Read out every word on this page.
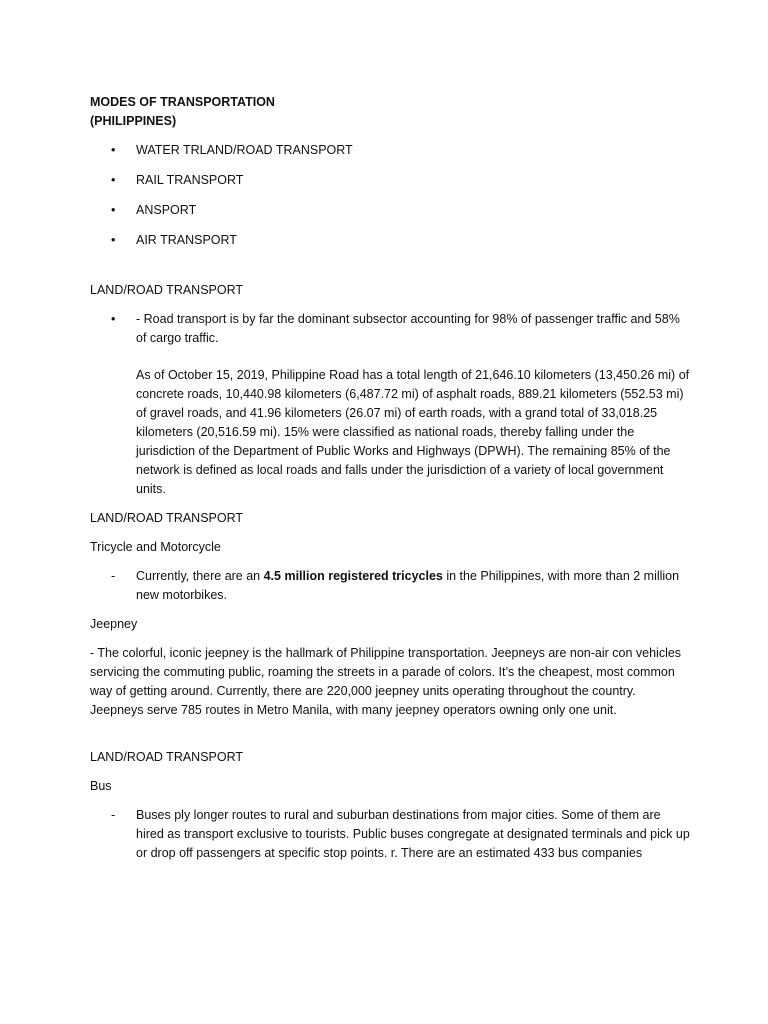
MODES OF TRANSPORTATION

(PHILIPPINES)

• WATER TRLAND/ROAD TRANSPORT
• RAIL TRANSPORT
• ANSPORT
• AIR TRANSPORT

LAND/ROAD TRANSPORT

• - Road transport is by far the dominant subsector accounting for 98% of passenger traffic and 58% of cargo traffic.

As of October 15, 2019, Philippine Road has a total length of 21,646.10 kilometers (13,450.26 mi) of concrete roads, 10,440.98 kilometers (6,487.72 mi) of asphalt roads, 889.21 kilometers (552.53 mi) of gravel roads, and 41.96 kilometers (26.07 mi) of earth roads, with a grand total of 33,018.25 kilometers (20,516.59 mi). 15% were classified as national roads, thereby falling under the jurisdiction of the Department of Public Works and Highways (DPWH). The remaining 85% of the network is defined as local roads and falls under the jurisdiction of a variety of local government units.

LAND/ROAD TRANSPORT

Tricycle and Motorcycle

- Currently, there are an 4.5 million registered tricycles in the Philippines, with more than 2 million new motorbikes.

Jeepney

- The colorful, iconic jeepney is the hallmark of Philippine transportation. Jeepneys are non-air con vehicles servicing the commuting public, roaming the streets in a parade of colors. It’s the cheapest, most common way of getting around. Currently, there are 220,000 jeepney units operating throughout the country. Jeepneys serve 785 routes in Metro Manila, with many jeepney operators owning only one unit.

LAND/ROAD TRANSPORT

Bus

- Buses ply longer routes to rural and suburban destinations from major cities. Some of them are hired as transport exclusive to tourists. Public buses congregate at designated terminals and pick up or drop off passengers at specific stop points. r. There are an estimated 433 bus companies
